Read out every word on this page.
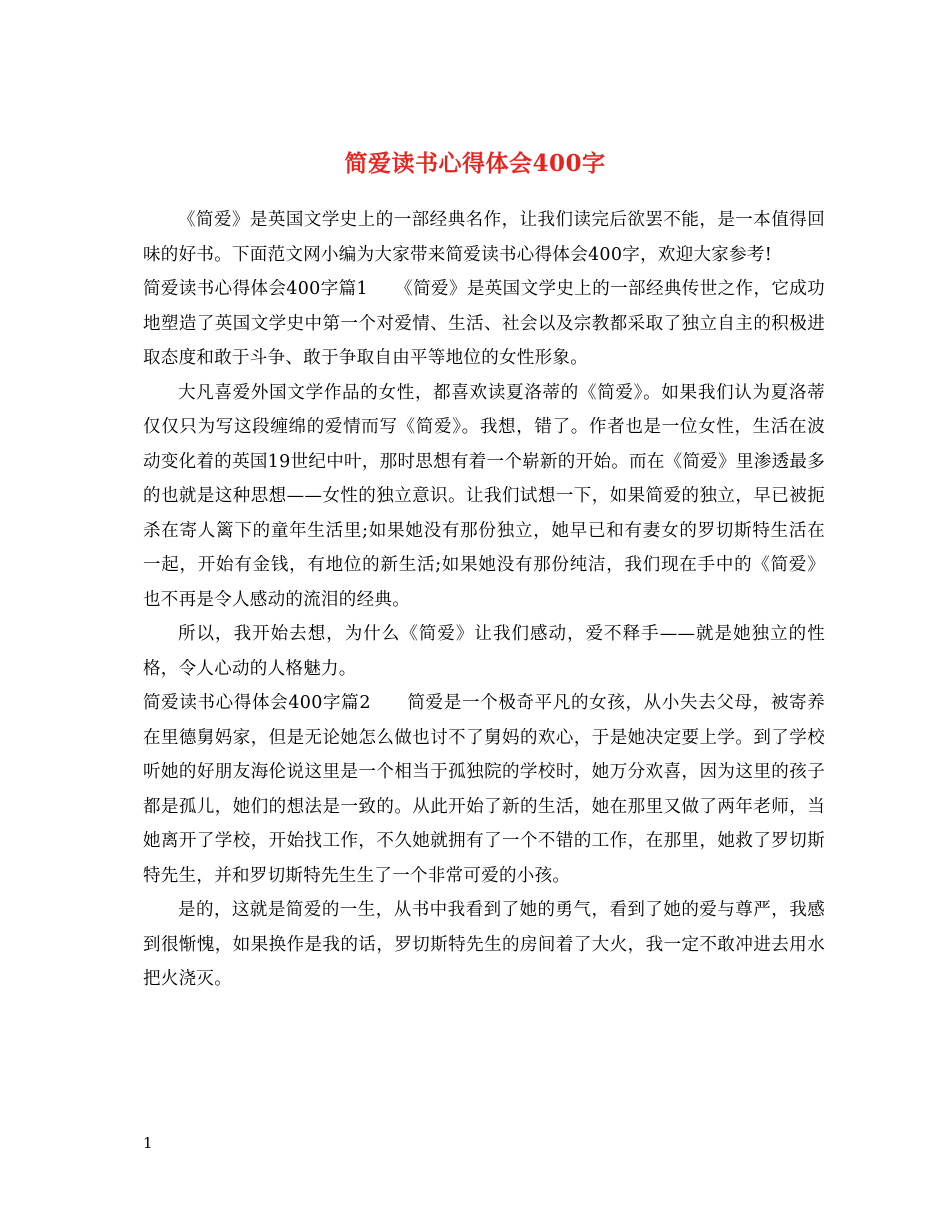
简爱读书心得体会400字

《简爱》是英国文学史上的一部经典名作，让我们读完后欲罢不能，是一本值得回味的好书。下面范文网小编为大家带来简爱读书心得体会400字，欢迎大家参考!

简爱读书心得体会400字篇1　　《简爱》是英国文学史上的一部经典传世之作，它成功地塑造了英国文学史中第一个对爱情、生活、社会以及宗教都采取了独立自主的积极进取态度和敢于斗争、敢于争取自由平等地位的女性形象。

大凡喜爱外国文学作品的女性，都喜欢读夏洛蒂的《简爱》。如果我们认为夏洛蒂仅仅只为写这段缠绵的爱情而写《简爱》。我想，错了。作者也是一位女性，生活在波动变化着的英国19世纪中叶，那时思想有着一个崭新的开始。而在《简爱》里渗透最多的也就是这种思想——女性的独立意识。让我们试想一下，如果简爱的独立，早已被扼杀在寄人篱下的童年生活里;如果她没有那份独立，她早已和有妻女的罗切斯特生活在一起，开始有金钱，有地位的新生活;如果她没有那份纯洁，我们现在手中的《简爱》也不再是令人感动的流泪的经典。

所以，我开始去想，为什么《简爱》让我们感动，爱不释手——就是她独立的性格，令人心动的人格魅力。

简爱读书心得体会400字篇2　　简爱是一个极奇平凡的女孩，从小失去父母，被寄养在里德舅妈家，但是无论她怎么做也讨不了舅妈的欢心，于是她决定要上学。到了学校听她的好朋友海伦说这里是一个相当于孤独院的学校时，她万分欢喜，因为这里的孩子都是孤儿，她们的想法是一致的。从此开始了新的生活，她在那里又做了两年老师，当她离开了学校，开始找工作，不久她就拥有了一个不错的工作，在那里，她救了罗切斯特先生，并和罗切斯特先生生了一个非常可爱的小孩。

是的，这就是简爱的一生，从书中我看到了她的勇气，看到了她的爱与尊严，我感到很惭愧，如果换作是我的话，罗切斯特先生的房间着了大火，我一定不敢冲进去用水把火浇灭。

1
